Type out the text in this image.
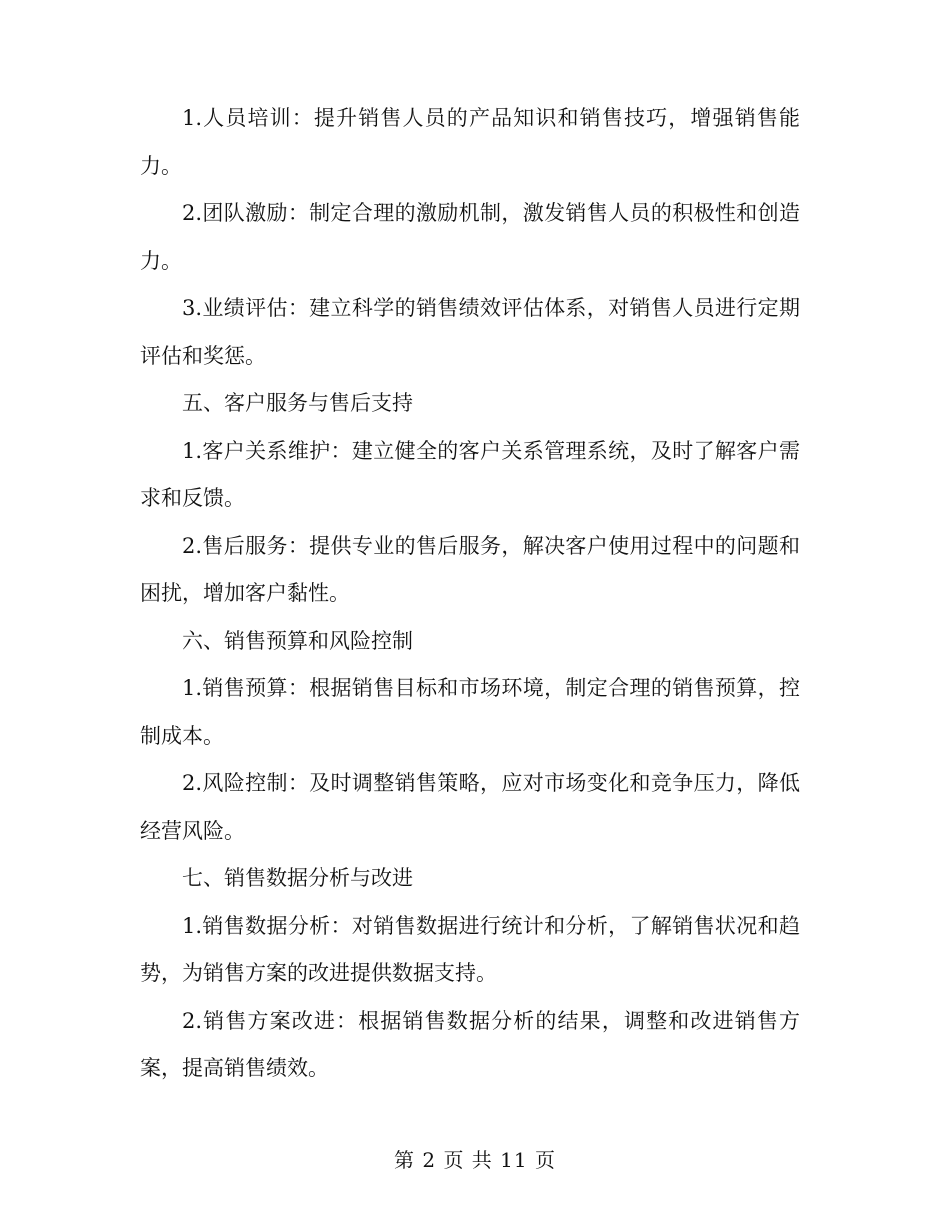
1.人员培训：提升销售人员的产品知识和销售技巧，增强销售能力。

2.团队激励：制定合理的激励机制，激发销售人员的积极性和创造力。

3.业绩评估：建立科学的销售绩效评估体系，对销售人员进行定期评估和奖惩。

五、客户服务与售后支持

1.客户关系维护：建立健全的客户关系管理系统，及时了解客户需求和反馈。

2.售后服务：提供专业的售后服务，解决客户使用过程中的问题和困扰，增加客户黏性。

六、销售预算和风险控制

1.销售预算：根据销售目标和市场环境，制定合理的销售预算，控制成本。

2.风险控制：及时调整销售策略，应对市场变化和竞争压力，降低经营风险。

七、销售数据分析与改进

1.销售数据分析：对销售数据进行统计和分析，了解销售状况和趋势，为销售方案的改进提供数据支持。

2.销售方案改进：根据销售数据分析的结果，调整和改进销售方案，提高销售绩效。

第 2 页 共 11 页
